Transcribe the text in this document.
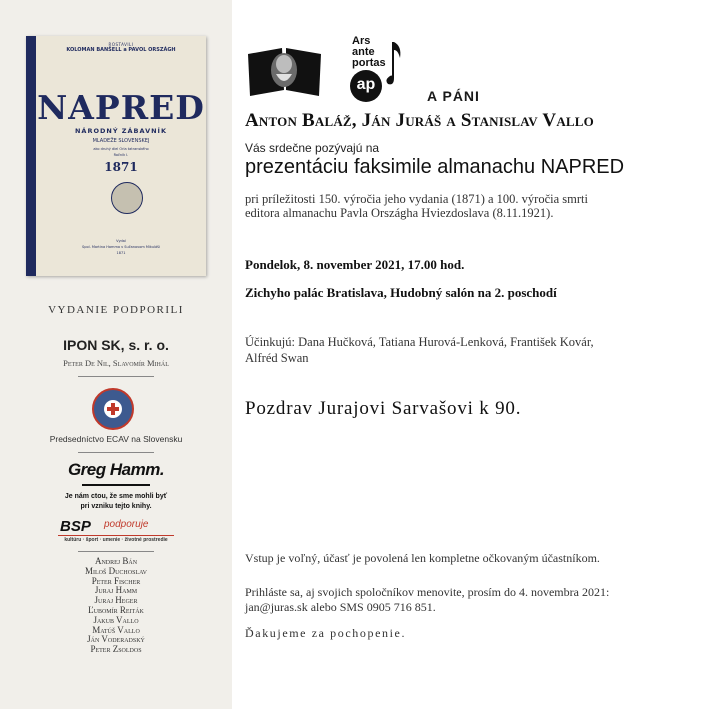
ROSTAVILI
KOLOMAN BANŠELL a PAVOL ORSZÁGH
NAPRED
NÁRODNÝ ZÁBAVNÍK
MLADEŽE SLOVENSKEJ
ako druhý diel Orla tatranského
Ročník I.
1871
Vydal
Spol. Martina Hamma v Sučanovom Mikuláši
1871
VYDANIE PODPORILI
IPON SK, s. r. o.
Peter De Nil, Slavomír Mihál
Predsedníctvo ECAV na Slovensku
Greg Hamm.
Je nám ctou, že sme mohli byť
pri vzniku tejto knihy.
BSP podporuje
kultúru · šport · umenie · životné prostredie
Andrej Bán
Miloš Duchoslav
Peter Fischer
Juraj Hamm
Juraj Heger
Ľubomír Reiták
Jakub Vallo
Matúš Vallo
Ján Voderadský
Peter Zsoldos
Ars
ante
portas
ap
A PÁNI
Anton Baláž, Ján Juráš a Stanislav Vallo
Vás srdečne pozývajú na
prezentáciu faksimile almanachu NAPRED
pri príležitosti 150. výročia jeho vydania (1871) a 100. výročia smrti
editora almanachu Pavla Országha Hviezdoslava (8.11.1921).
Pondelok, 8. november 2021, 17.00 hod.
Zichyho palác Bratislava, Hudobný salón na 2. poschodí
Účinkujú: Dana Hučková, Tatiana Hurová-Lenková, František Kovár,
Alfréd Swan
Pozdrav Jurajovi Sarvašovi k 90.
Vstup je voľný, účasť je povolená len kompletne očkovaným účastníkom.
Prihláste sa, aj svojich spoločníkov menovite, prosím do 4. novembra 2021:
jan@juras.sk alebo SMS 0905 716 851.
Ďakujeme za pochopenie.
